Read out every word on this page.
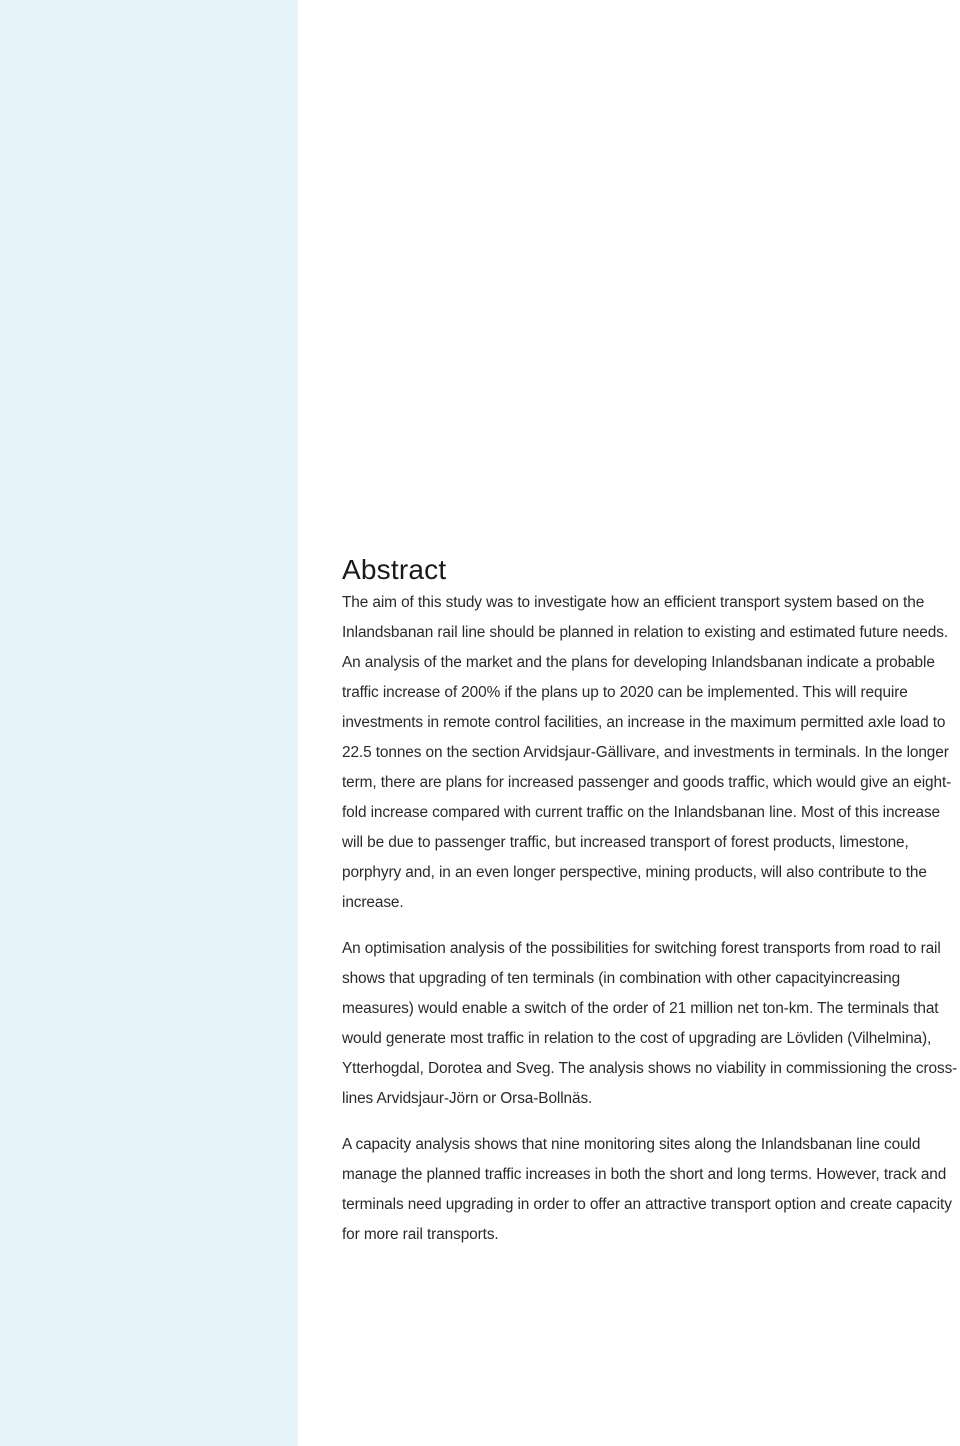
Abstract

The aim of this study was to investigate how an efficient transport system based on the Inlandsbanan rail line should be planned in relation to existing and estimated future needs. An analysis of the market and the plans for developing Inlandsbanan indicate a probable traffic increase of 200% if the plans up to 2020 can be implemented. This will require investments in remote control facilities, an increase in the maximum permitted axle load to 22.5 tonnes on the section Arvidsjaur-Gällivare, and investments in terminals. In the longer term, there are plans for increased passenger and goods traffic, which would give an eight-fold increase compared with current traffic on the Inlandsbanan line. Most of this increase will be due to passenger traffic, but increased transport of forest products, limestone, porphyry and, in an even longer perspective, mining products, will also contribute to the increase.

An optimisation analysis of the possibilities for switching forest transports from road to rail shows that upgrading of ten terminals (in combination with other capacityincreasing measures) would enable a switch of the order of 21 million net ton-km. The terminals that would generate most traffic in relation to the cost of upgrading are Lövliden (Vilhelmina), Ytterhogdal, Dorotea and Sveg. The analysis shows no viability in commissioning the cross-lines Arvidsjaur-Jörn or Orsa-Bollnäs.

A capacity analysis shows that nine monitoring sites along the Inlandsbanan line could manage the planned traffic increases in both the short and long terms. However, track and terminals need upgrading in order to offer an attractive transport option and create capacity for more rail transports.
